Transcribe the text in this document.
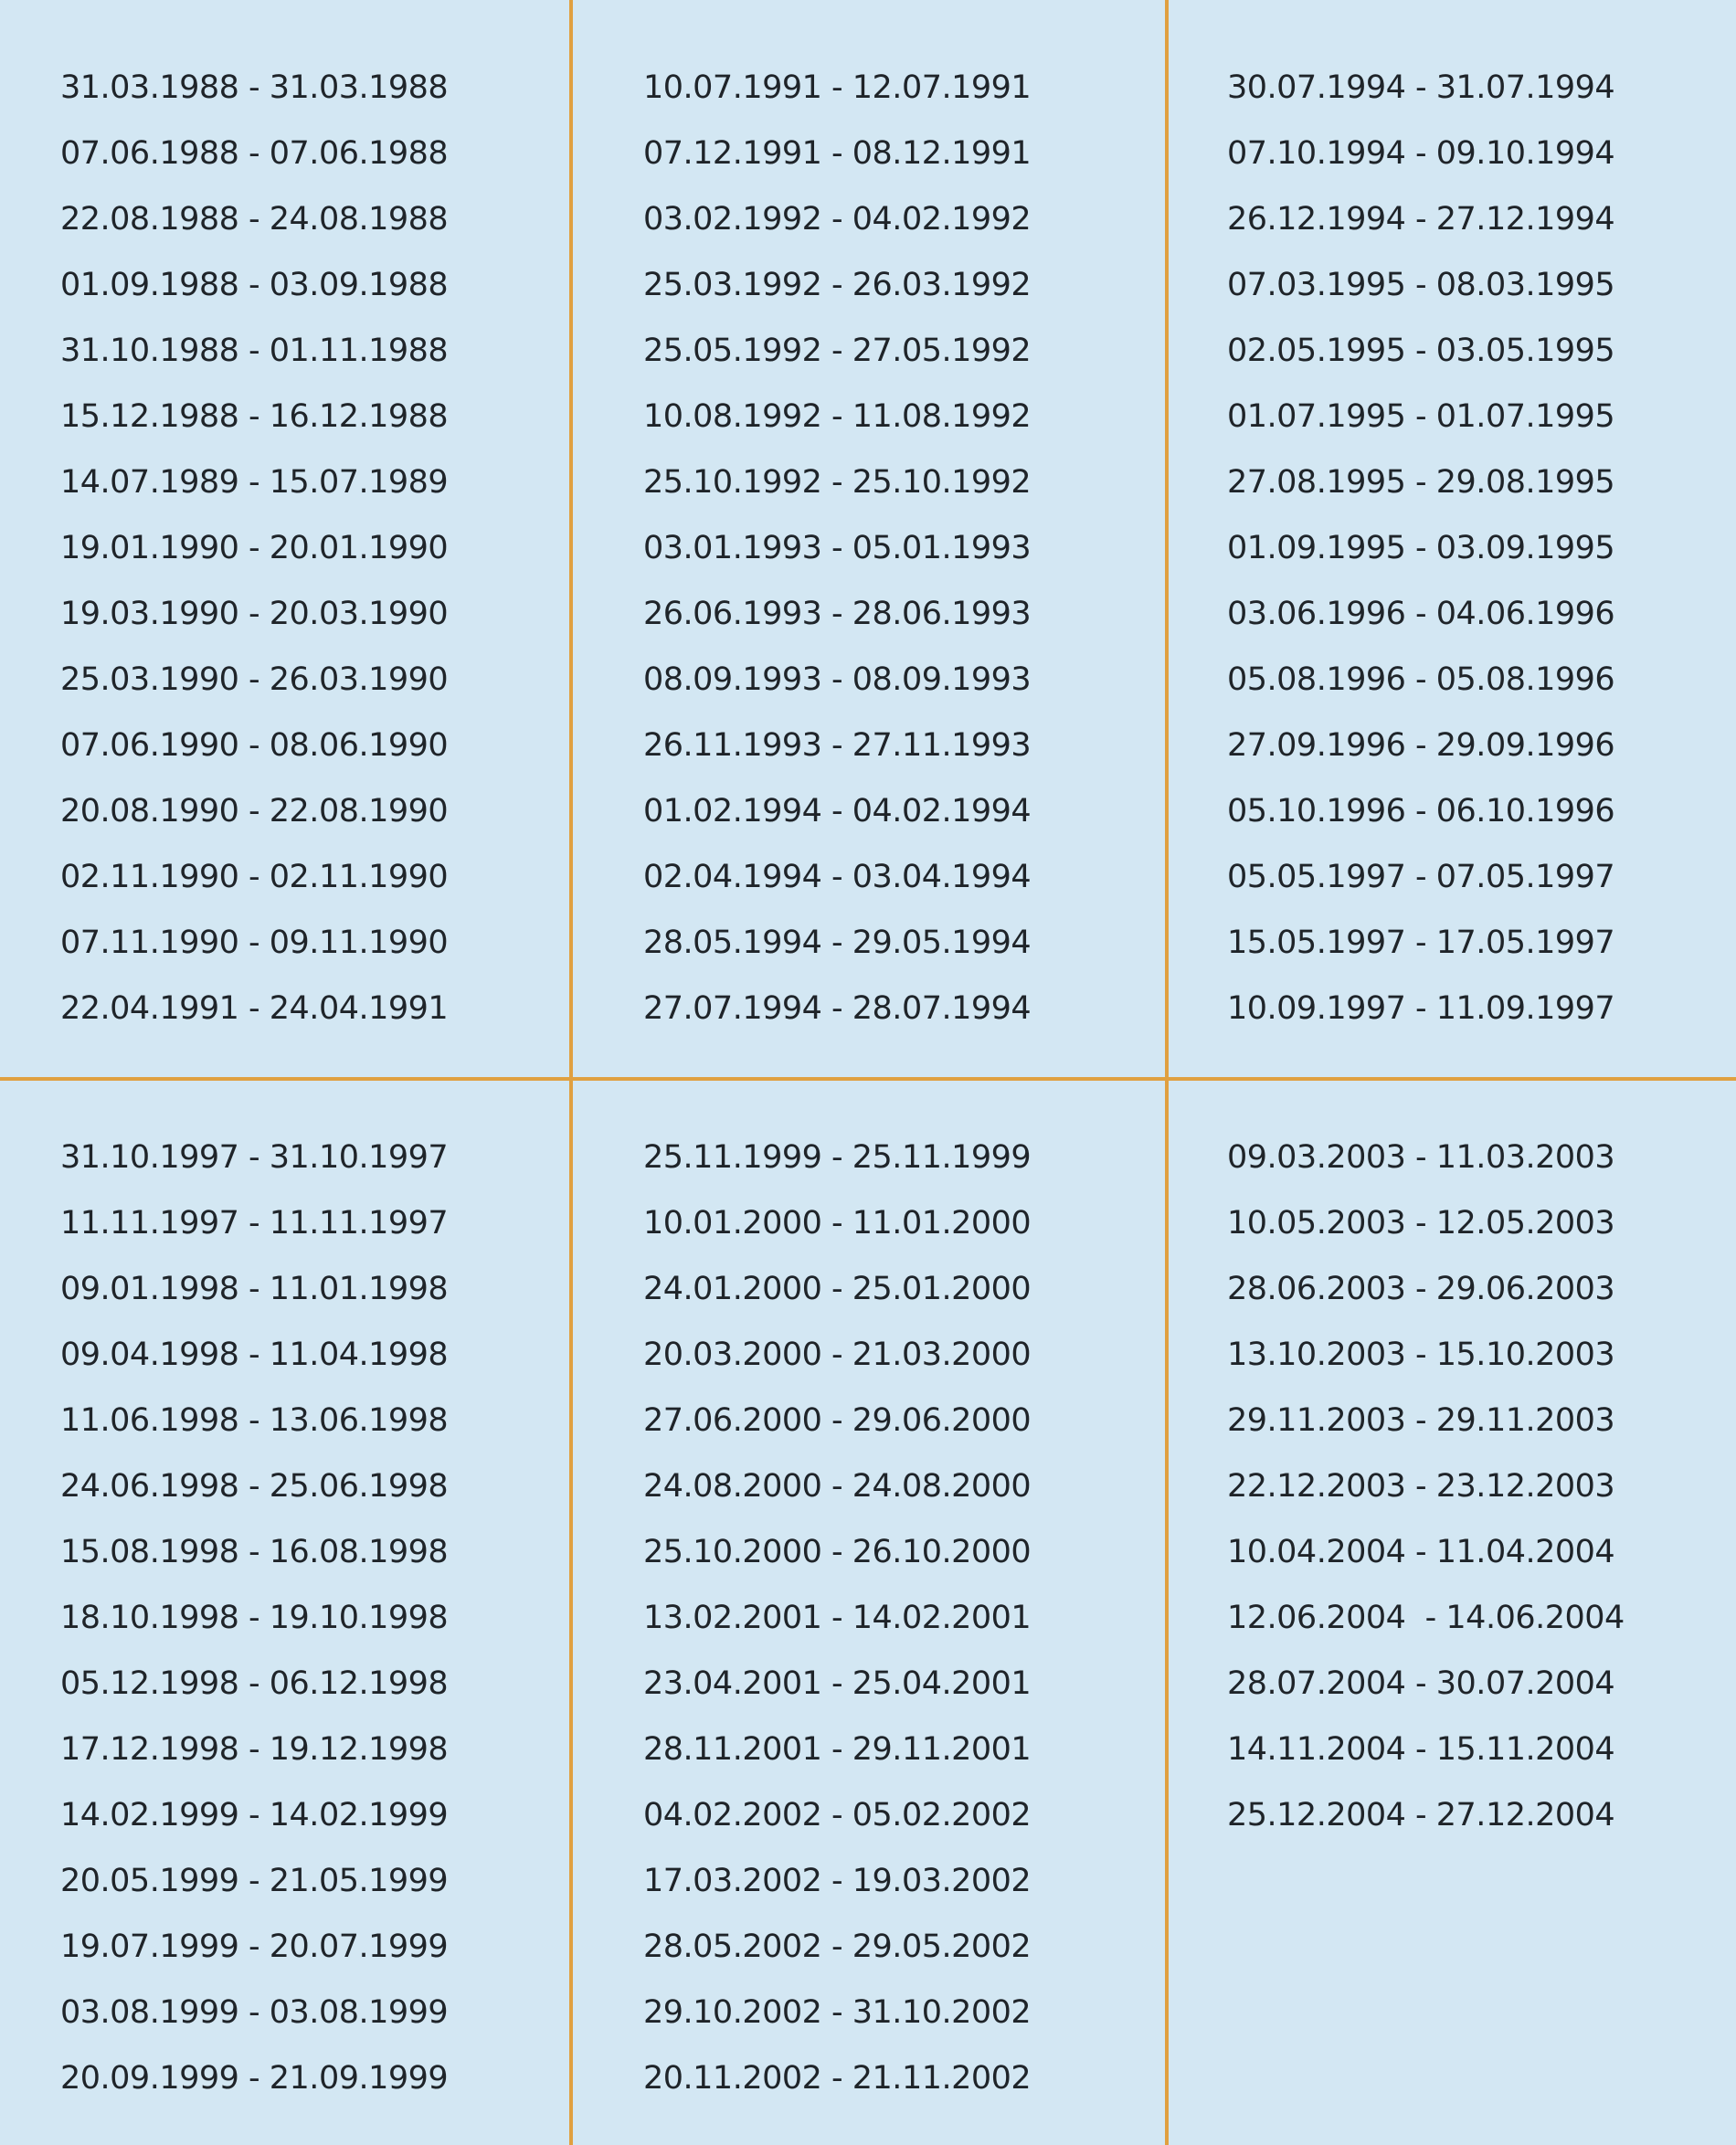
31.03.1988 - 31.03.1988
07.06.1988 - 07.06.1988
22.08.1988 - 24.08.1988
01.09.1988 - 03.09.1988
31.10.1988 - 01.11.1988
15.12.1988 - 16.12.1988
14.07.1989 - 15.07.1989
19.01.1990 - 20.01.1990
19.03.1990 - 20.03.1990
25.03.1990 - 26.03.1990
07.06.1990 - 08.06.1990
20.08.1990 - 22.08.1990
02.11.1990 - 02.11.1990
07.11.1990 - 09.11.1990
22.04.1991 - 24.04.1991
10.07.1991 - 12.07.1991
07.12.1991 - 08.12.1991
03.02.1992 - 04.02.1992
25.03.1992 - 26.03.1992
25.05.1992 - 27.05.1992
10.08.1992 - 11.08.1992
25.10.1992 - 25.10.1992
03.01.1993 - 05.01.1993
26.06.1993 - 28.06.1993
08.09.1993 - 08.09.1993
26.11.1993 - 27.11.1993
01.02.1994 - 04.02.1994
02.04.1994 - 03.04.1994
28.05.1994 - 29.05.1994
27.07.1994 - 28.07.1994
30.07.1994 - 31.07.1994
07.10.1994 - 09.10.1994
26.12.1994 - 27.12.1994
07.03.1995 - 08.03.1995
02.05.1995 - 03.05.1995
01.07.1995 - 01.07.1995
27.08.1995 - 29.08.1995
01.09.1995 - 03.09.1995
03.06.1996 - 04.06.1996
05.08.1996 - 05.08.1996
27.09.1996 - 29.09.1996
05.10.1996 - 06.10.1996
05.05.1997 - 07.05.1997
15.05.1997 - 17.05.1997
10.09.1997 - 11.09.1997
31.10.1997 - 31.10.1997
11.11.1997 - 11.11.1997
09.01.1998 - 11.01.1998
09.04.1998 - 11.04.1998
11.06.1998 - 13.06.1998
24.06.1998 - 25.06.1998
15.08.1998 - 16.08.1998
18.10.1998 - 19.10.1998
05.12.1998 - 06.12.1998
17.12.1998 - 19.12.1998
14.02.1999 - 14.02.1999
20.05.1999 - 21.05.1999
19.07.1999 - 20.07.1999
03.08.1999 - 03.08.1999
20.09.1999 - 21.09.1999
25.11.1999 - 25.11.1999
10.01.2000 - 11.01.2000
24.01.2000 - 25.01.2000
20.03.2000 - 21.03.2000
27.06.2000 - 29.06.2000
24.08.2000 - 24.08.2000
25.10.2000 - 26.10.2000
13.02.2001 - 14.02.2001
23.04.2001 - 25.04.2001
28.11.2001 - 29.11.2001
04.02.2002 - 05.02.2002
17.03.2002 - 19.03.2002
28.05.2002 - 29.05.2002
29.10.2002 - 31.10.2002
20.11.2002 - 21.11.2002
09.03.2003 - 11.03.2003
10.05.2003 - 12.05.2003
28.06.2003 - 29.06.2003
13.10.2003 - 15.10.2003
29.11.2003 - 29.11.2003
22.12.2003 - 23.12.2003
10.04.2004 - 11.04.2004
12.06.2004  - 14.06.2004
28.07.2004 - 30.07.2004
14.11.2004 - 15.11.2004
25.12.2004 - 27.12.2004
